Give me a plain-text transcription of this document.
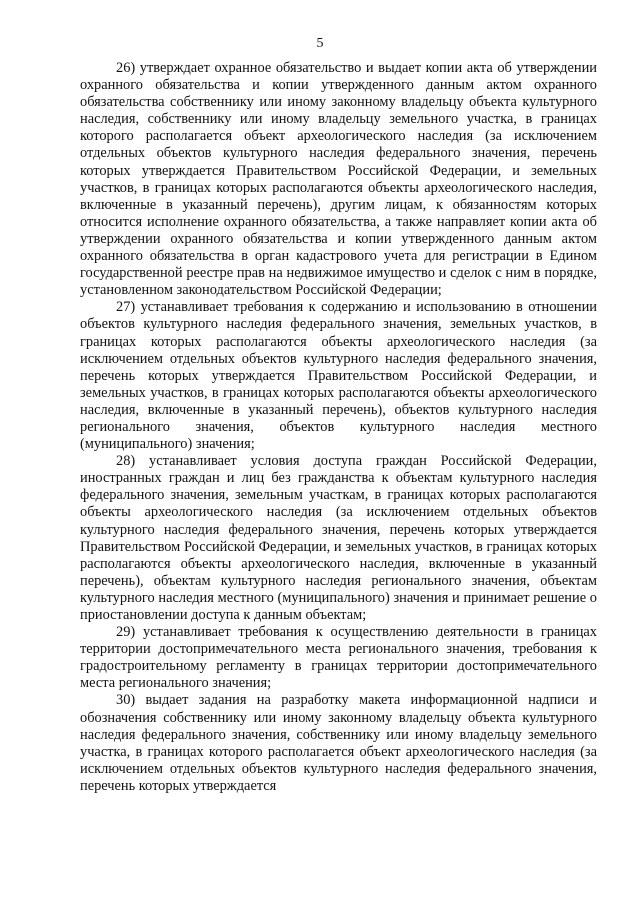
5

26) утверждает охранное обязательство и выдает копии акта об утверждении охранного обязательства и копии утвержденного данным актом охранного обязательства собственнику или иному законному владельцу объекта культурного наследия, собственнику или иному владельцу земельного участка, в границах которого располагается объект археологического наследия (за исключением отдельных объектов культурного наследия федерального значения, перечень которых утверждается Правительством Российской Федерации, и земельных участков, в границах которых располагаются объекты археологического наследия, включенные в указанный перечень), другим лицам, к обязанностям которых относится исполнение охранного обязательства, а также направляет копии акта об утверждении охранного обязательства и копии утвержденного данным актом охранного обязательства в орган кадастрового учета для регистрации в Едином государственной реестре прав на недвижимое имущество и сделок с ним в порядке, установленном законодательством Российской Федерации;

27) устанавливает требования к содержанию и использованию в отношении объектов культурного наследия федерального значения, земельных участков, в границах которых располагаются объекты археологического наследия (за исключением отдельных объектов культурного наследия федерального значения, перечень которых утверждается Правительством Российской Федерации, и земельных участков, в границах которых располагаются объекты археологического наследия, включенные в указанный перечень), объектов культурного наследия регионального значения, объектов культурного наследия местного (муниципального) значения;

28) устанавливает условия доступа граждан Российской Федерации, иностранных граждан и лиц без гражданства к объектам культурного наследия федерального значения, земельным участкам, в границах которых располагаются объекты археологического наследия (за исключением отдельных объектов культурного наследия федерального значения, перечень которых утверждается Правительством Российской Федерации, и земельных участков, в границах которых располагаются объекты археологического наследия, включенные в указанный перечень), объектам культурного наследия регионального значения, объектам культурного наследия местного (муниципального) значения и принимает решение о приостановлении доступа к данным объектам;

29) устанавливает требования к осуществлению деятельности в границах территории достопримечательного места регионального значения, требования к градостроительному регламенту в границах территории достопримечательного места регионального значения;

30) выдает задания на разработку макета информационной надписи и обозначения собственнику или иному законному владельцу объекта культурного наследия федерального значения, собственнику или иному владельцу земельного участка, в границах которого располагается объект археологического наследия (за исключением отдельных объектов культурного наследия федерального значения, перечень которых утверждается
